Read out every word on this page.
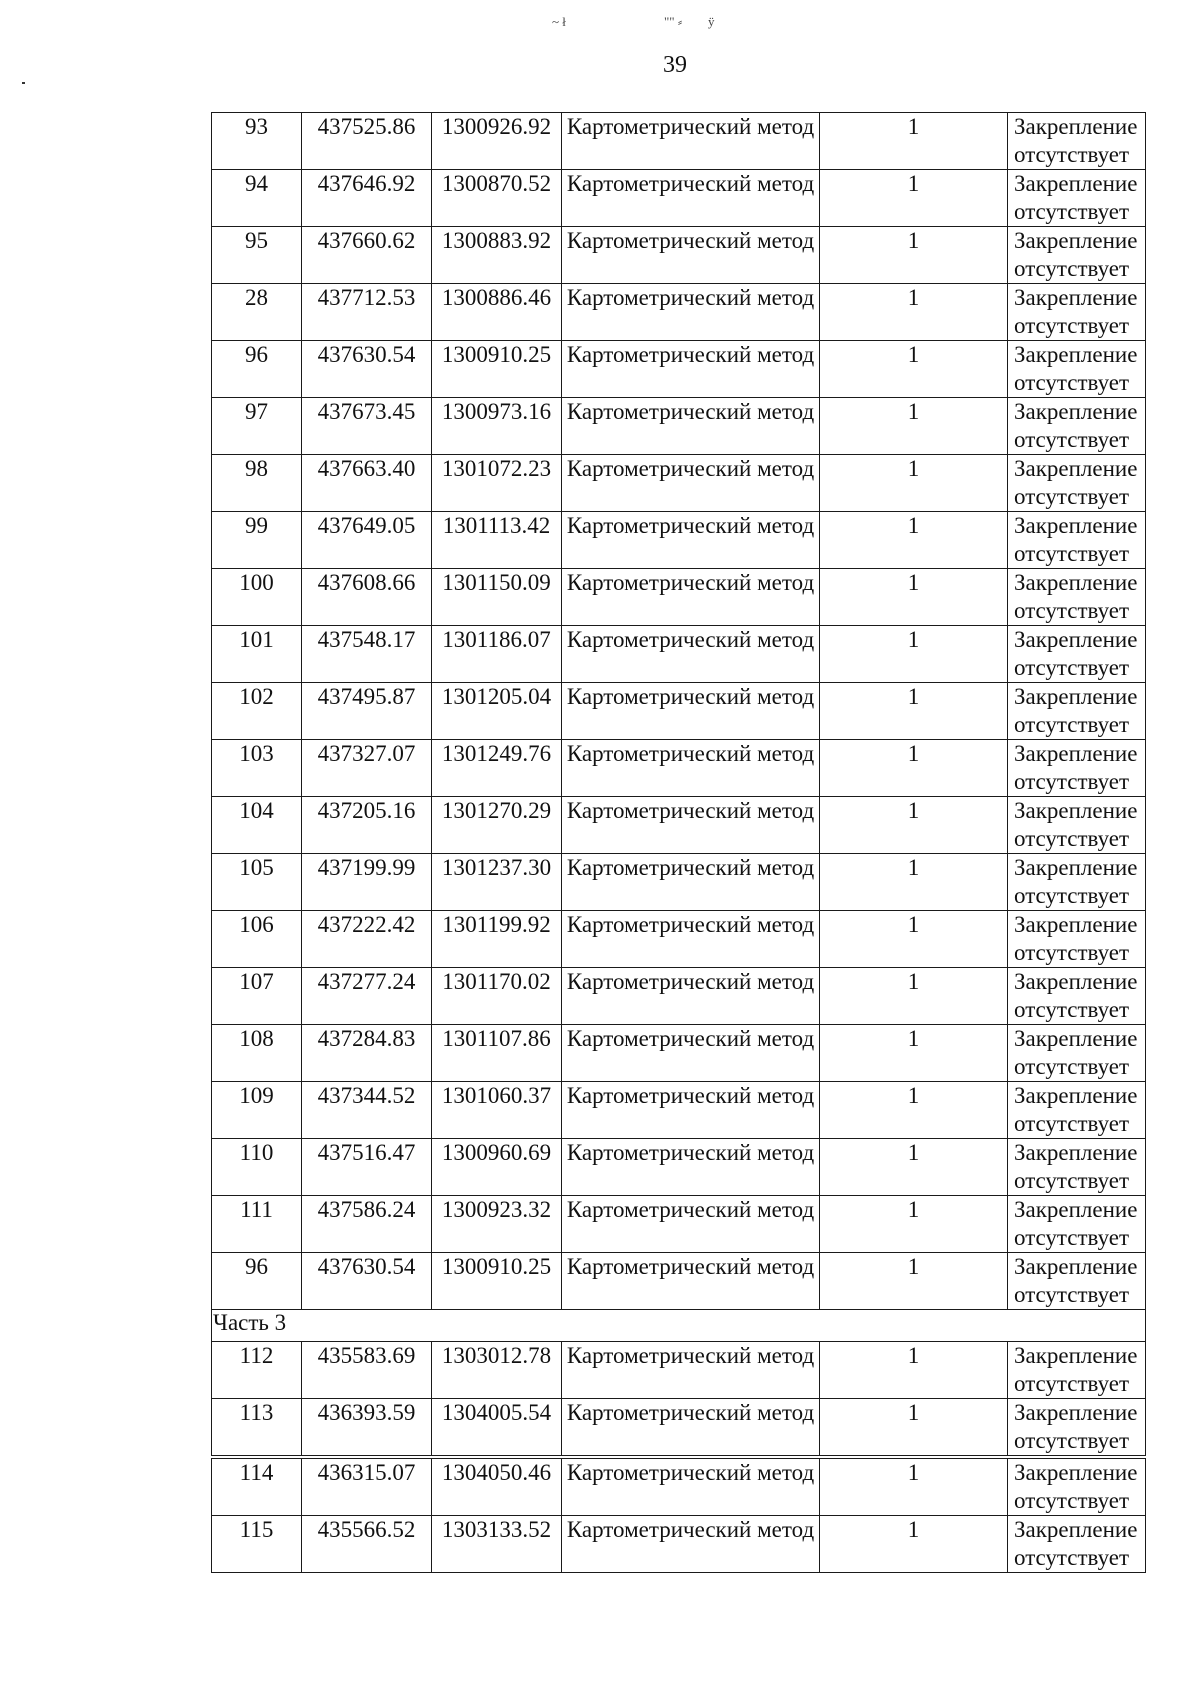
~ ł	"" ⸗ ÿ
39
93	437525.86	1300926.92	Картометрический метод	1	Закрепление отсутствует
94	437646.92	1300870.52	Картометрический метод	1	Закрепление отсутствует
95	437660.62	1300883.92	Картометрический метод	1	Закрепление отсутствует
28	437712.53	1300886.46	Картометрический метод	1	Закрепление отсутствует
96	437630.54	1300910.25	Картометрический метод	1	Закрепление отсутствует
97	437673.45	1300973.16	Картометрический метод	1	Закрепление отсутствует
98	437663.40	1301072.23	Картометрический метод	1	Закрепление отсутствует
99	437649.05	1301113.42	Картометрический метод	1	Закрепление отсутствует
100	437608.66	1301150.09	Картометрический метод	1	Закрепление отсутствует
101	437548.17	1301186.07	Картометрический метод	1	Закрепление отсутствует
102	437495.87	1301205.04	Картометрический метод	1	Закрепление отсутствует
103	437327.07	1301249.76	Картометрический метод	1	Закрепление отсутствует
104	437205.16	1301270.29	Картометрический метод	1	Закрепление отсутствует
105	437199.99	1301237.30	Картометрический метод	1	Закрепление отсутствует
106	437222.42	1301199.92	Картометрический метод	1	Закрепление отсутствует
107	437277.24	1301170.02	Картометрический метод	1	Закрепление отсутствует
108	437284.83	1301107.86	Картометрический метод	1	Закрепление отсутствует
109	437344.52	1301060.37	Картометрический метод	1	Закрепление отсутствует
110	437516.47	1300960.69	Картометрический метод	1	Закрепление отсутствует
111	437586.24	1300923.32	Картометрический метод	1	Закрепление отсутствует
96	437630.54	1300910.25	Картометрический метод	1	Закрепление отсутствует
Часть 3					
112	435583.69	1303012.78	Картометрический метод	1	Закрепление отсутствует
113	436393.59	1304005.54	Картометрический метод	1	Закрепление отсутствует
114	436315.07	1304050.46	Картометрический метод	1	Закрепление отсутствует
115	435566.52	1303133.52	Картометрический метод	1	Закрепление отсутствует
